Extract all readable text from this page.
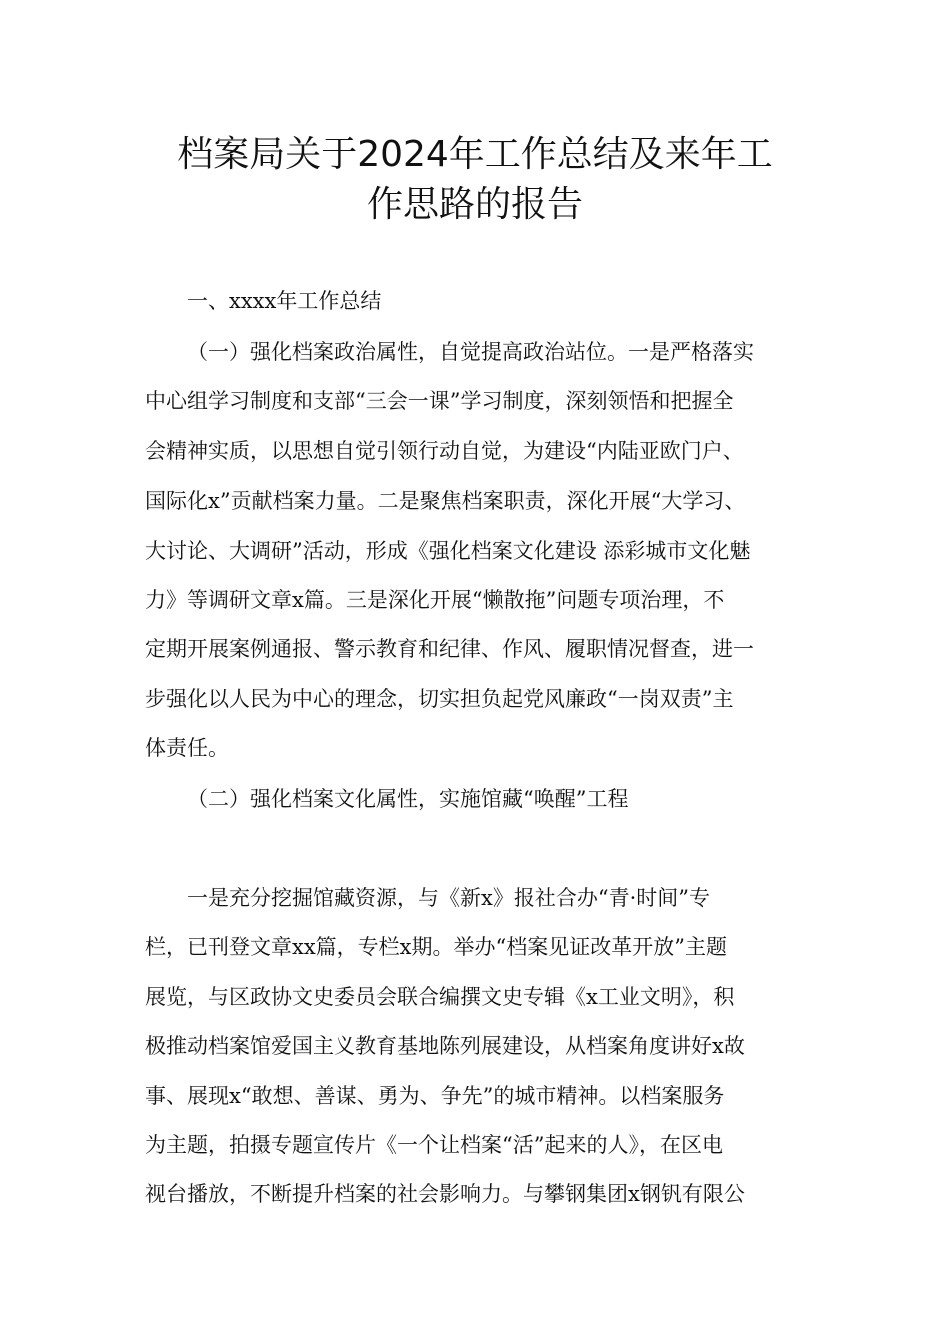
档案局关于2024年工作总结及来年工
作思路的报告

一、xxxx年工作总结

（一）强化档案政治属性，自觉提高政治站位。一是严格落实

中心组学习制度和支部“三会一课”学习制度，深刻领悟和把握全

会精神实质，以思想自觉引领行动自觉，为建设“内陆亚欧门户、

国际化x”贡献档案力量。二是聚焦档案职责，深化开展“大学习、

大讨论、大调研”活动，形成《强化档案文化建设 添彩城市文化魅

力》等调研文章x篇。三是深化开展“懒散拖”问题专项治理，不

定期开展案例通报、警示教育和纪律、作风、履职情况督查，进一

步强化以人民为中心的理念，切实担负起党风廉政“一岗双责”主

体责任。

（二）强化档案文化属性，实施馆藏“唤醒”工程

一是充分挖掘馆藏资源，与《新x》报社合办“青·时间”专

栏，已刊登文章xx篇，专栏x期。举办“档案见证改革开放”主题

展览，与区政协文史委员会联合编撰文史专辑《x工业文明》，积

极推动档案馆爱国主义教育基地陈列展建设，从档案角度讲好x故

事、展现x“敢想、善谋、勇为、争先”的城市精神。以档案服务

为主题，拍摄专题宣传片《一个让档案“活”起来的人》，在区电

视台播放，不断提升档案的社会影响力。与攀钢集团x钢钒有限公
